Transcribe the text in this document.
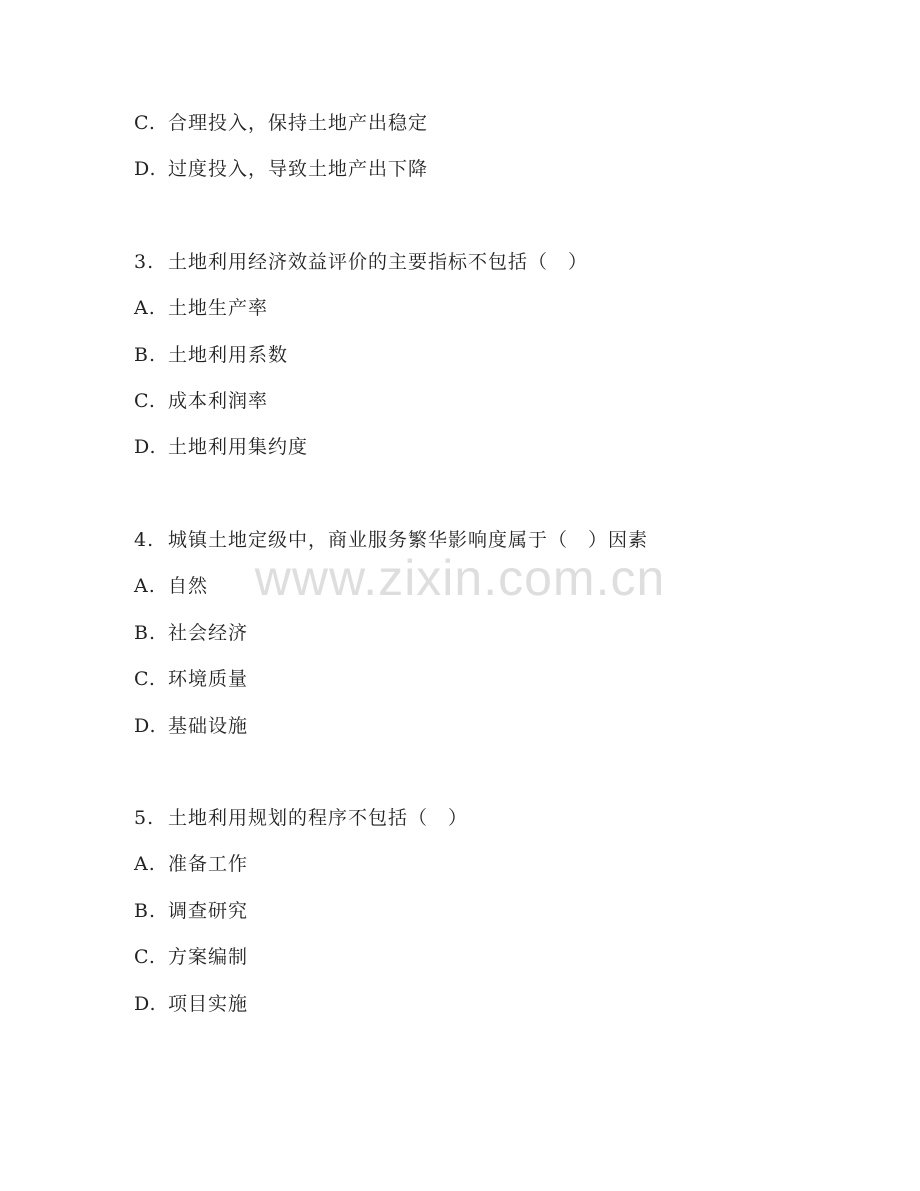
C. 合理投入，保持土地产出稳定
D. 过度投入，导致土地产出下降
3. 土地利用经济效益评价的主要指标不包括（　）
A. 土地生产率
B. 土地利用系数
C. 成本利润率
D. 土地利用集约度
4. 城镇土地定级中，商业服务繁华影响度属于（　）因素
A. 自然
B. 社会经济
C. 环境质量
D. 基础设施
5. 土地利用规划的程序不包括（　）
A. 准备工作
B. 调查研究
C. 方案编制
D. 项目实施
www.zixin.com.cn
